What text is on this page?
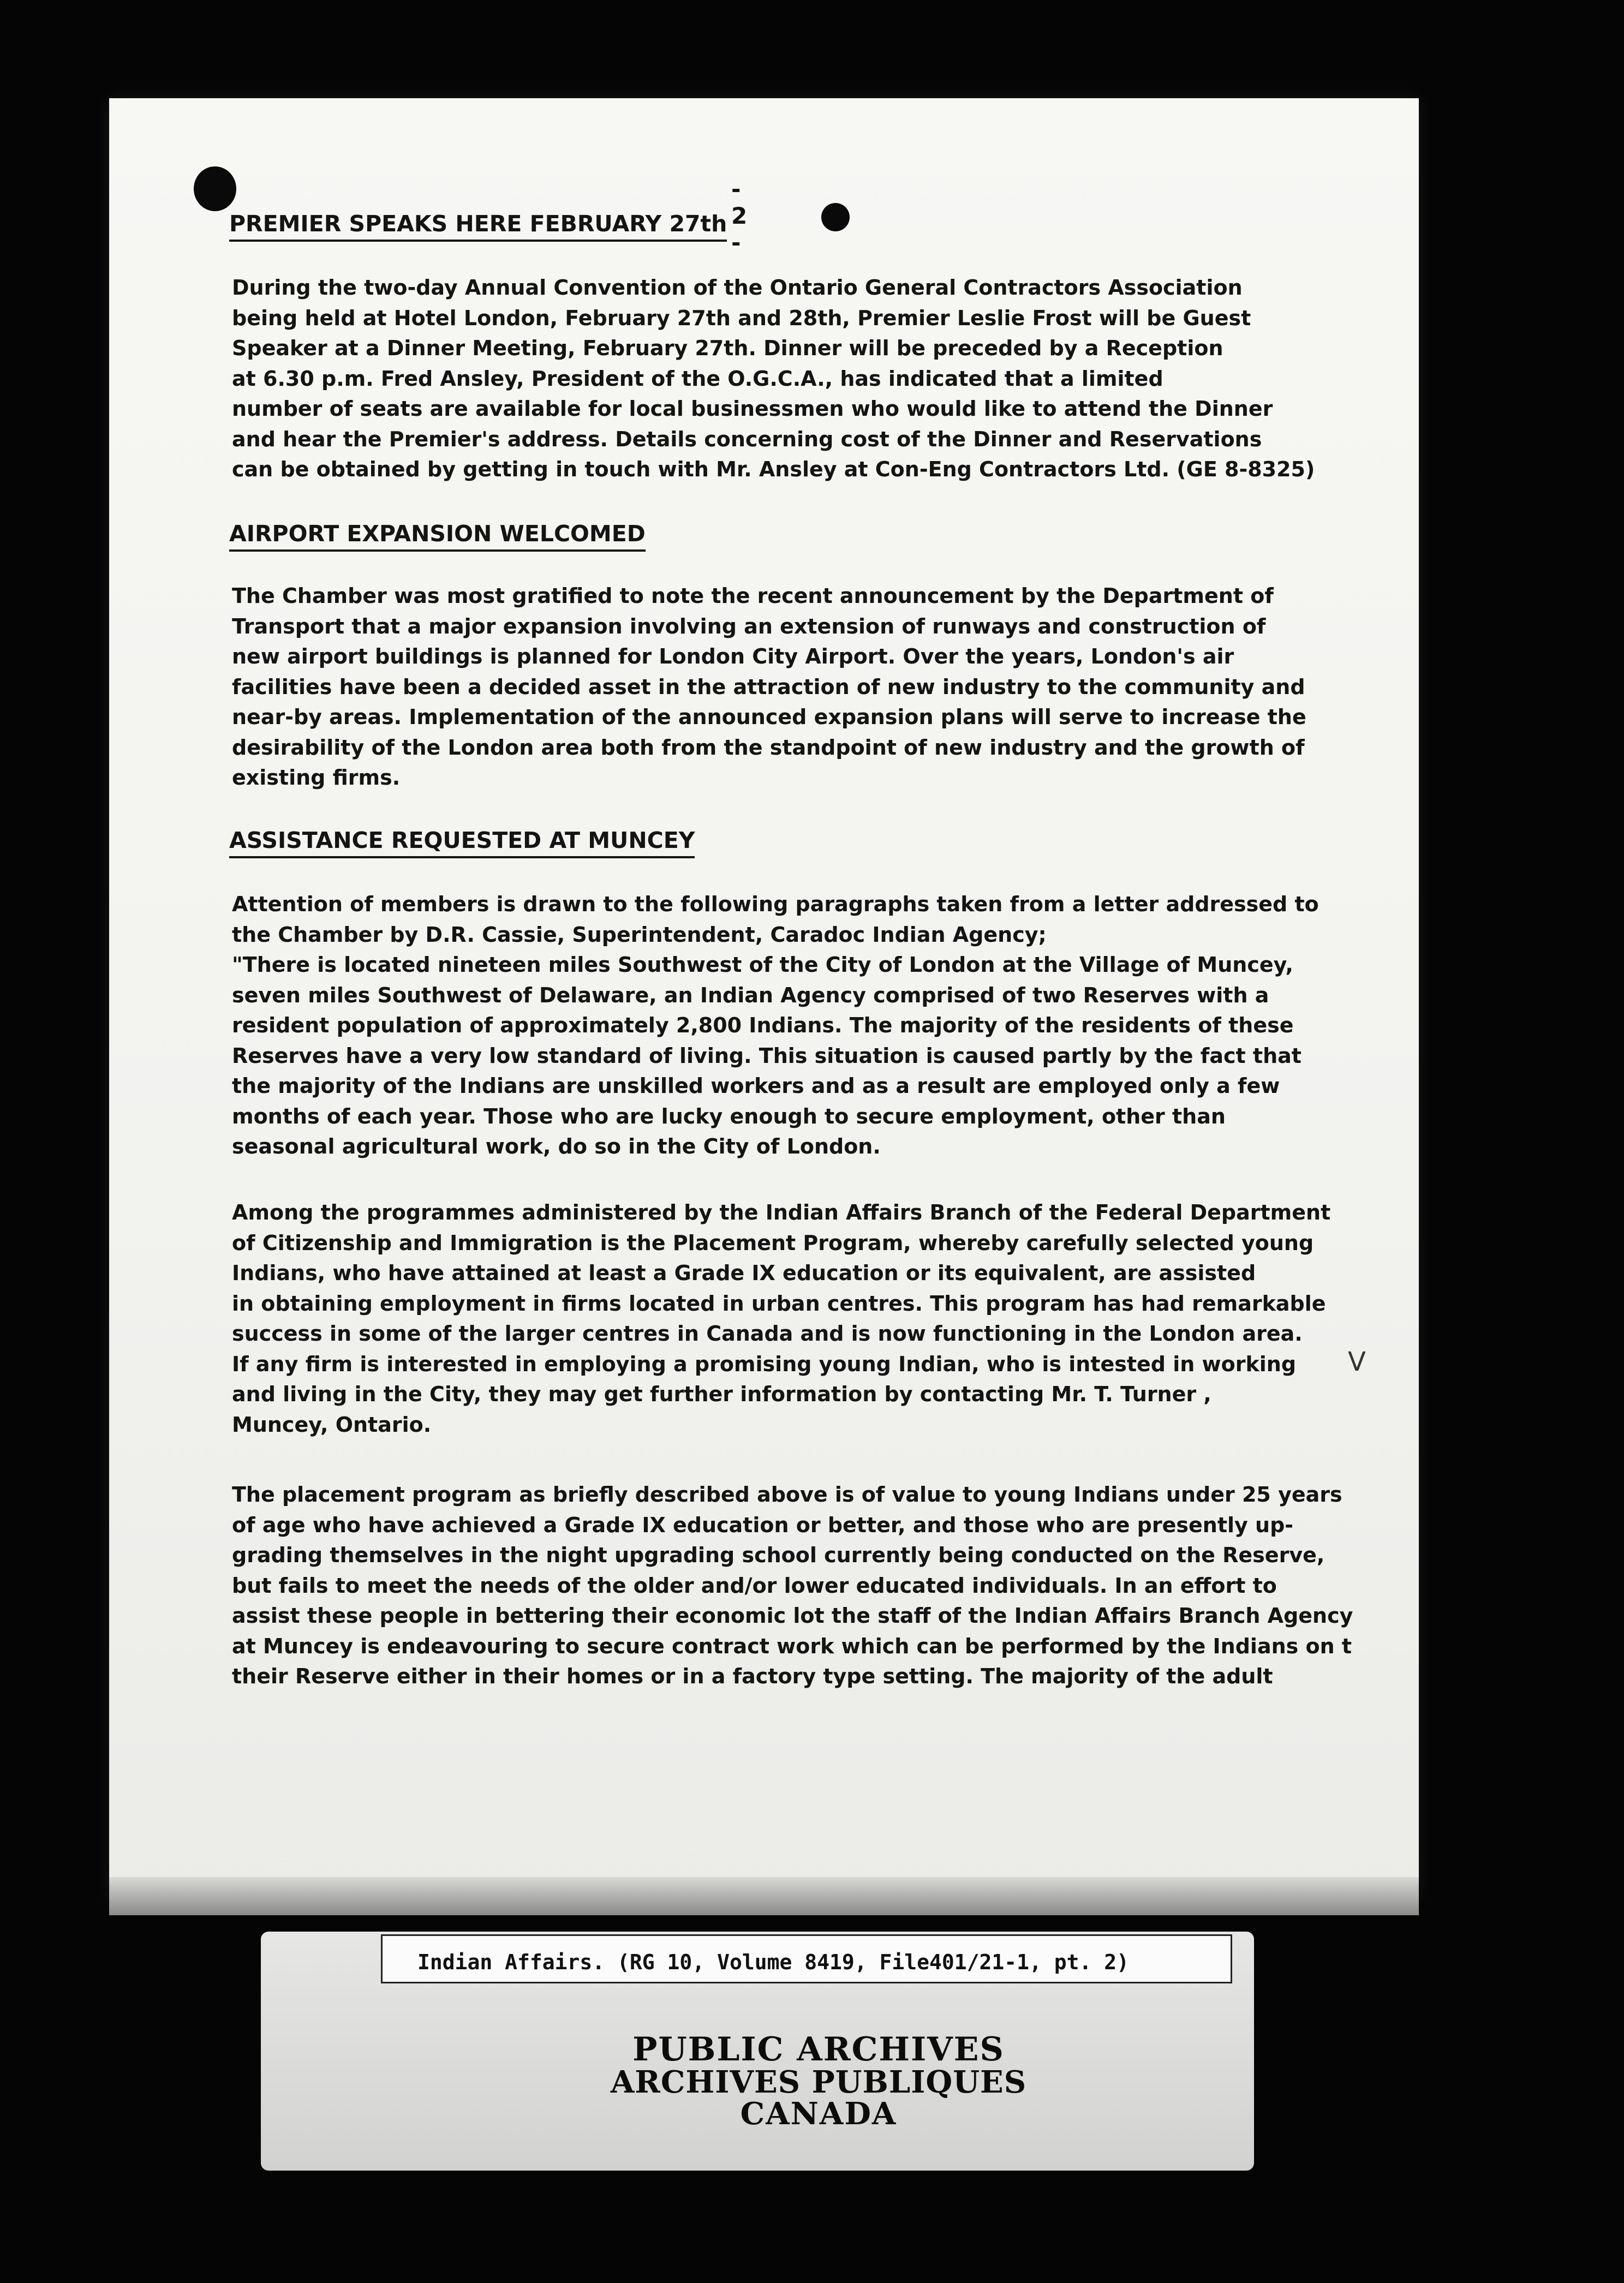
- 2 -
PREMIER SPEAKS HERE FEBRUARY 27th
During the two-day Annual Convention of the Ontario General Contractors Association
being held at Hotel London, February 27th and 28th, Premier Leslie Frost will be Guest
Speaker at a Dinner Meeting, February 27th. Dinner will be preceded by a Reception
at 6.30 p.m. Fred Ansley, President of the O.G.C.A., has indicated that a limited
number of seats are available for local businessmen who would like to attend the Dinner
and hear the Premier's address. Details concerning cost of the Dinner and Reservations
can be obtained by getting in touch with Mr. Ansley at Con-Eng Contractors Ltd. (GE 8-8325)
AIRPORT EXPANSION WELCOMED
The Chamber was most gratified to note the recent announcement by the Department of
Transport that a major expansion involving an extension of runways and construction of
new airport buildings is planned for London City Airport. Over the years, London's air
facilities have been a decided asset in the attraction of new industry to the community and
near-by areas. Implementation of the announced expansion plans will serve to increase the
desirability of the London area both from the standpoint of new industry and the growth of
existing firms.
ASSISTANCE REQUESTED AT MUNCEY
Attention of members is drawn to the following paragraphs taken from a letter addressed to
the Chamber by D.R. Cassie, Superintendent, Caradoc Indian Agency;
"There is located nineteen miles Southwest of the City of London at the Village of Muncey,
seven miles Southwest of Delaware, an Indian Agency comprised of two Reserves with a
resident population of approximately 2,800 Indians. The majority of the residents of these
Reserves have a very low standard of living. This situation is caused partly by the fact that
the majority of the Indians are unskilled workers and as a result are employed only a few
months of each year. Those who are lucky enough to secure employment, other than
seasonal agricultural work, do so in the City of London.
Among the programmes administered by the Indian Affairs Branch of the Federal Department
of Citizenship and Immigration is the Placement Program, whereby carefully selected young
Indians, who have attained at least a Grade IX education or its equivalent, are assisted
in obtaining employment in firms located in urban centres. This program has had remarkable
success in some of the larger centres in Canada and is now functioning in the London area.
If any firm is interested in employing a promising young Indian, who is intested in working
and living in the City, they may get further information by contacting Mr. T. Turner ,
Muncey, Ontario.
The placement program as briefly described above is of value to young Indians under 25 years
of age who have achieved a Grade IX education or better, and those who are presently up-
grading themselves in the night upgrading school currently being conducted on the Reserve,
but fails to meet the needs of the older and/or lower educated individuals. In an effort to
assist these people in bettering their economic lot the staff of the Indian Affairs Branch Agency
at Muncey is endeavouring to secure contract work which can be performed by the Indians on t
their Reserve either in their homes or in a factory type setting. The majority of the adult
V
Indian Affairs. (RG 10, Volume 8419, File401/21-1, pt. 2)
PUBLIC ARCHIVES
ARCHIVES PUBLIQUES
CANADA
